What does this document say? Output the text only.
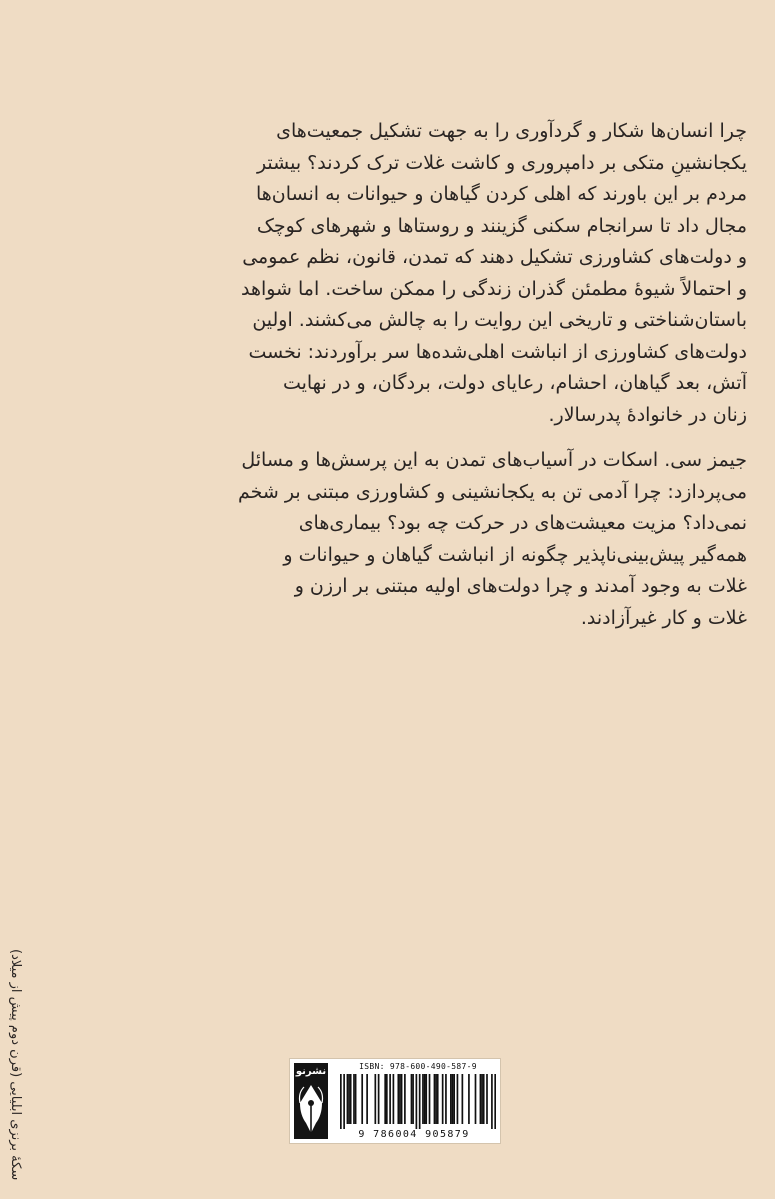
چرا انسان‌ها شکار و گردآوری را به جهت تشکیل جمعیت‌های
یکجانشینِ متکی بر دامپروری و کاشت غلات ترک کردند؟ بیشتر
مردم بر این باورند که اهلی کردن گیاهان و حیوانات به انسان‌ها
مجال داد تا سرانجام سکنی گزینند و روستاها و شهرهای کوچک
و دولت‌های کشاورزی تشکیل دهند که تمدن، قانون، نظم عمومی
و احتمالاً شیوهٔ مطمئن گذران زندگی را ممکن ساخت. اما شواهد
باستان‌شناختی و تاریخی این روایت را به چالش می‌کشند. اولین
دولت‌های کشاورزی از انباشت اهلی‌شده‌ها سر برآوردند: نخست
آتش، بعد گیاهان، احشام، رعایای دولت، بردگان، و در نهایت
زنان در خانوادهٔ پدرسالار.
جیمز سی. اسکات در آسیاب‌های تمدن به این پرسش‌ها و مسائل
می‌پردازد: چرا آدمی تن به یکجانشینی و کشاورزی مبتنی بر شخم
نمی‌داد؟ مزیت معیشت‌های در حرکت چه بود؟ بیماری‌های
همه‌گیر پیش‌بینی‌ناپذیر چگونه از انباشت گیاهان و حیوانات و
غلات به وجود آمدند و چرا دولت‌های اولیه مبتنی بر ارزن و
غلات و کار غیرآزادند.
سکهٔ برنزی ابلیایی (قرن دوم پیش از میلاد)	نشرنو	ISBN: 978-600-490-587-9
9 786004 905879
